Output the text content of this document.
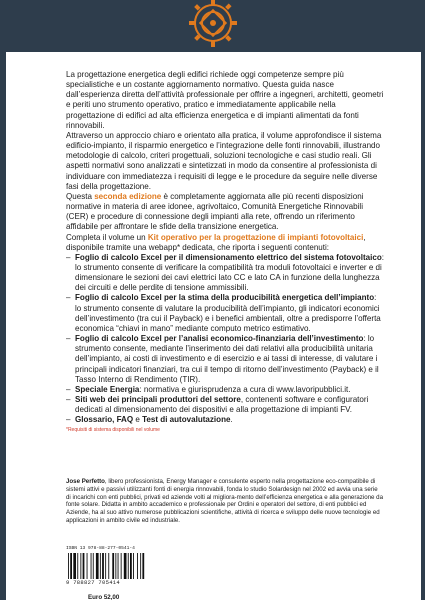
La progettazione energetica degli edifici richiede oggi competenze sempre più specialistiche e un costante aggiornamento normativo. Questa guida nasce dall’esperienza diretta dell’attività professionale per offrire a ingegneri, architetti, geometri e periti uno strumento operativo, pratico e immediatamente applicabile nella progettazione di edifici ad alta efficienza energetica e di impianti alimentati da fonti rinnovabili.

Attraverso un approccio chiaro e orientato alla pratica, il volume approfondisce il sistema edificio-impianto, il risparmio energetico e l’integrazione delle fonti rinnovabili, illustrando metodologie di calcolo, criteri progettuali, soluzioni tecnologiche e casi studio reali. Gli aspetti normativi sono analizzati e sintetizzati in modo da consentire al professionista di individuare con immediatezza i requisiti di legge e le procedure da seguire nelle diverse fasi della progettazione.

Questa seconda edizione è completamente aggiornata alle più recenti disposizioni normative in materia di aree idonee, agrivoltaico, Comunità Energetiche Rinnovabili (CER) e procedure di connessione degli impianti alla rete, offrendo un riferimento affidabile per affrontare le sfide della transizione energetica.

Completa il volume un Kit operativo per la progettazione di impianti fotovoltaici, disponibile tramite una webapp* dedicata, che riporta i seguenti contenuti:

– Foglio di calcolo Excel per il dimensionamento elettrico del sistema fotovoltaico: lo strumento consente di verificare la compatibilità tra moduli fotovoltaici e inverter e di dimensionare le sezioni dei cavi elettrici lato CC e lato CA in funzione della lunghezza dei circuiti e delle perdite di tensione ammissibili.
– Foglio di calcolo Excel per la stima della producibilità energetica dell’impianto: lo strumento consente di valutare la producibilità dell’impianto, gli indicatori economici dell’investimento (tra cui il Payback) e i benefici ambientali, oltre a predisporre l’offerta economica “chiavi in mano” mediante computo metrico estimativo.
– Foglio di calcolo Excel per l’analisi economico-finanziaria dell’investimento: lo strumento consente, mediante l’inserimento dei dati relativi alla producibilità unitaria dell’impianto, ai costi di investimento e di esercizio e ai tassi di interesse, di valutare i principali indicatori finanziari, tra cui il tempo di ritorno dell’investimento (Payback) e il Tasso Interno di Rendimento (TIR).
– Speciale Energia: normativa e giurisprudenza a cura di www.lavoripubblici.it.
– Siti web dei principali produttori del settore, contenenti software e configuratori dedicati al dimensionamento dei dispositivi e alla progettazione di impianti FV.
– Glossario, FAQ e Test di autovalutazione.
*Requisiti di sistema disponibili nel volume
Jose Perfetto, libero professionista, Energy Manager e consulente esperto nella progettazione eco-compatibile di sistemi attivi e passivi utilizzanti fonti di energia rinnovabili, fonda lo studio Solardesign nel 2002 ed avvia una serie di incarichi con enti pubblici, privati ed aziende volti al migliora-mento dell’efficienza energetica e alla generazione da fonte solare. Didatta in ambito accademico e professionale per Ordini e operatori del settore, di enti pubblici ed Aziende, ha al suo attivo numerose pubblicazioni scientifiche, attività di ricerca e sviluppo delle nuove tecnologie ed applicazioni in ambito civile ed industriale.
ISBN 13 978-88-277-0541-4
9 788827 705414
Euro 52,00
